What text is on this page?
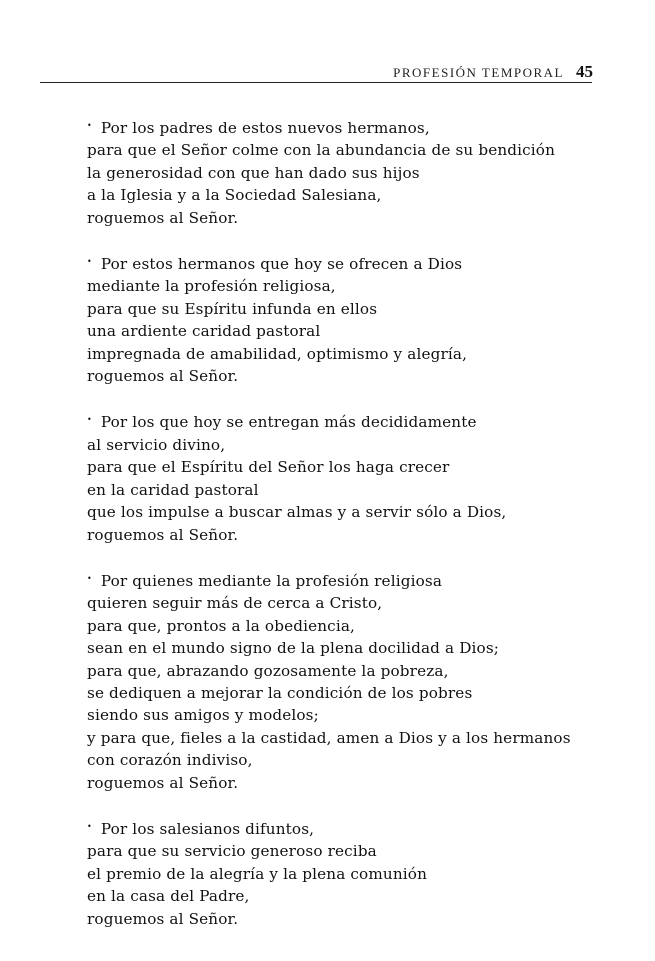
PROFESIÓN TEMPORAL 45
• Por los padres de estos nuevos hermanos,
para que el Señor colme con la abundancia de su bendición
la generosidad con que han dado sus hijos
a la Iglesia y a la Sociedad Salesiana,
roguemos al Señor.
• Por estos hermanos que hoy se ofrecen a Dios
mediante la profesión religiosa,
para que su Espíritu infunda en ellos
una ardiente caridad pastoral
impregnada de amabilidad, optimismo y alegría,
roguemos al Señor.
• Por los que hoy se entregan más decididamente
al servicio divino,
para que el Espíritu del Señor los haga crecer
en la caridad pastoral
que los impulse a buscar almas y a servir sólo a Dios,
roguemos al Señor.
• Por quienes mediante la profesión religiosa
quieren seguir más de cerca a Cristo,
para que, prontos a la obediencia,
sean en el mundo signo de la plena docilidad a Dios;
para que, abrazando gozosamente la pobreza,
se dediquen a mejorar la condición de los pobres
siendo sus amigos y modelos;
y para que, fieles a la castidad, amen a Dios y a los hermanos
con corazón indiviso,
roguemos al Señor.
• Por los salesianos difuntos,
para que su servicio generoso reciba
el premio de la alegría y la plena comunión
en la casa del Padre,
roguemos al Señor.
